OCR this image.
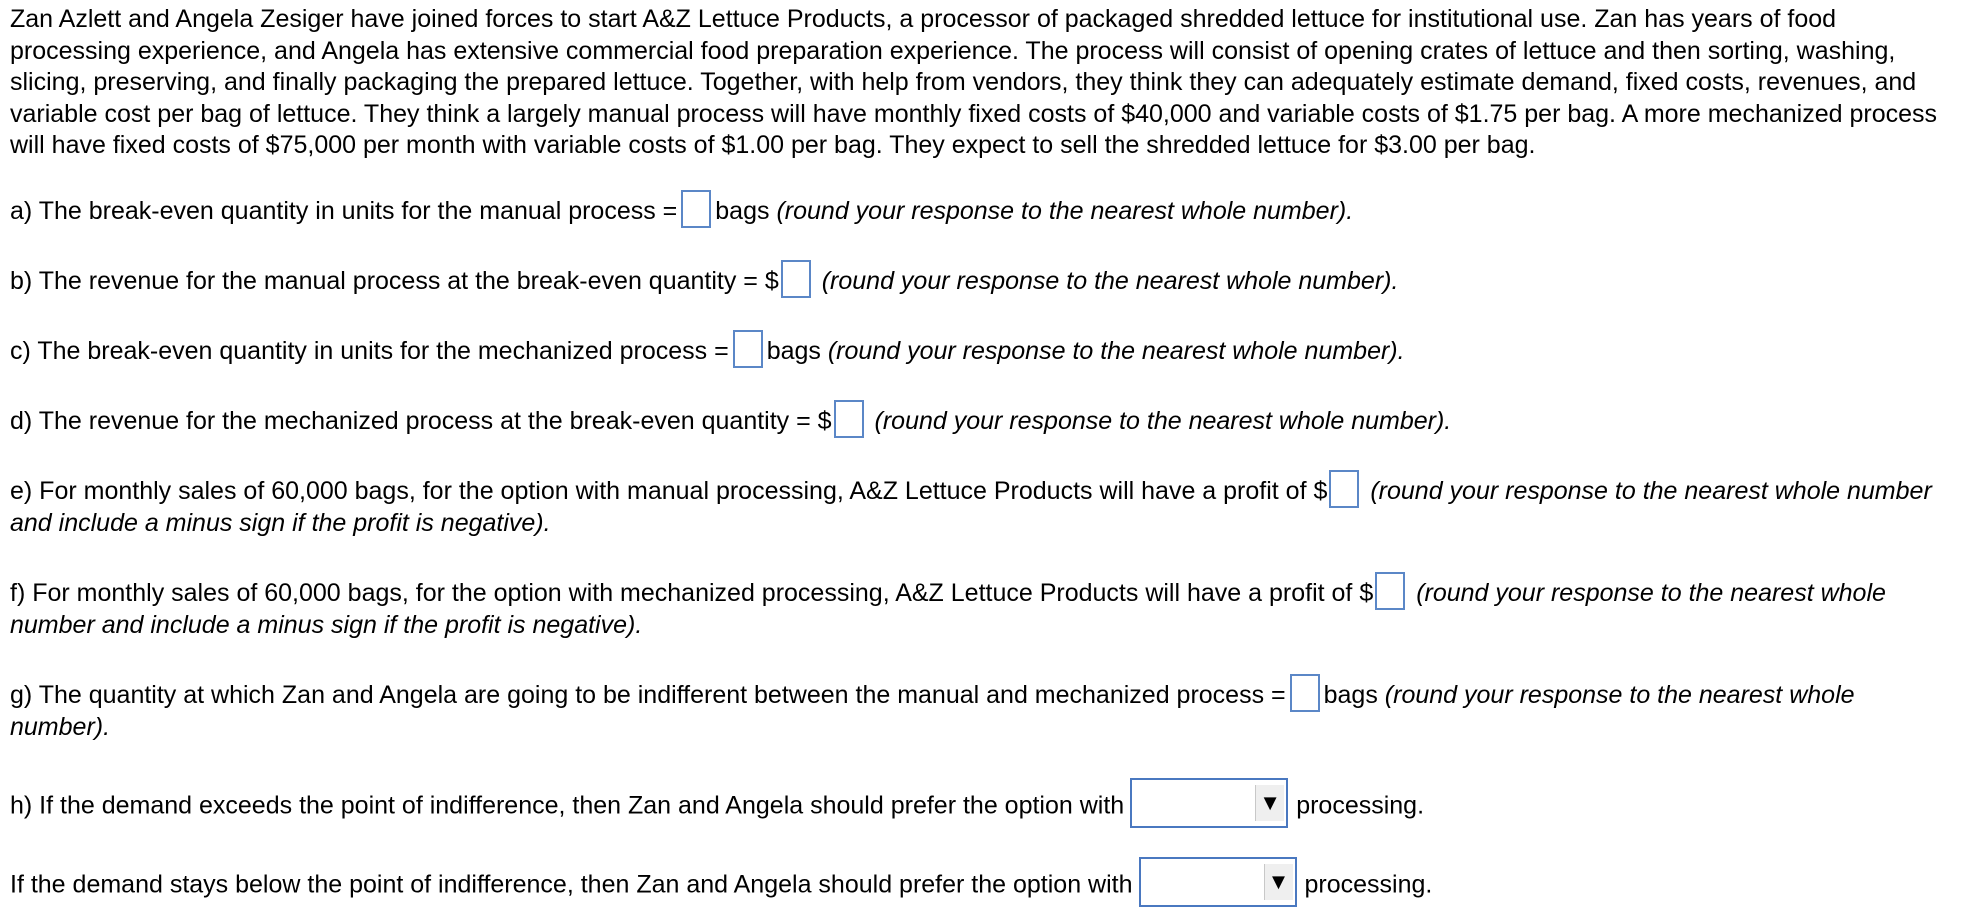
Zan Azlett and Angela Zesiger have joined forces to start A&Z Lettuce Products, a processor of packaged shredded lettuce for institutional use. Zan has years of food processing experience, and Angela has extensive commercial food preparation experience. The process will consist of opening crates of lettuce and then sorting, washing, slicing, preserving, and finally packaging the prepared lettuce. Together, with help from vendors, they think they can adequately estimate demand, fixed costs, revenues, and variable cost per bag of lettuce. They think a largely manual process will have monthly fixed costs of $40,000 and variable costs of $1.75 per bag. A more mechanized process will have fixed costs of $75,000 per month with variable costs of $1.00 per bag. They expect to sell the shredded lettuce for $3.00 per bag.

a) The break-even quantity in units for the manual process = bags (round your response to the nearest whole number).

b) The revenue for the manual process at the break-even quantity = $ (round your response to the nearest whole number).

c) The break-even quantity in units for the mechanized process = bags (round your response to the nearest whole number).

d) The revenue for the mechanized process at the break-even quantity = $ (round your response to the nearest whole number).

e) For monthly sales of 60,000 bags, for the option with manual processing, A&Z Lettuce Products will have a profit of $ (round your response to the nearest whole number and include a minus sign if the profit is negative).

f) For monthly sales of 60,000 bags, for the option with mechanized processing, A&Z Lettuce Products will have a profit of $ (round your response to the nearest whole number and include a minus sign if the profit is negative).

g) The quantity at which Zan and Angela are going to be indifferent between the manual and mechanized process = bags (round your response to the nearest whole number).

h) If the demand exceeds the point of indifference, then Zan and Angela should prefer the option with	▼ processing.

If the demand stays below the point of indifference, then Zan and Angela should prefer the option with	▼ processing.
